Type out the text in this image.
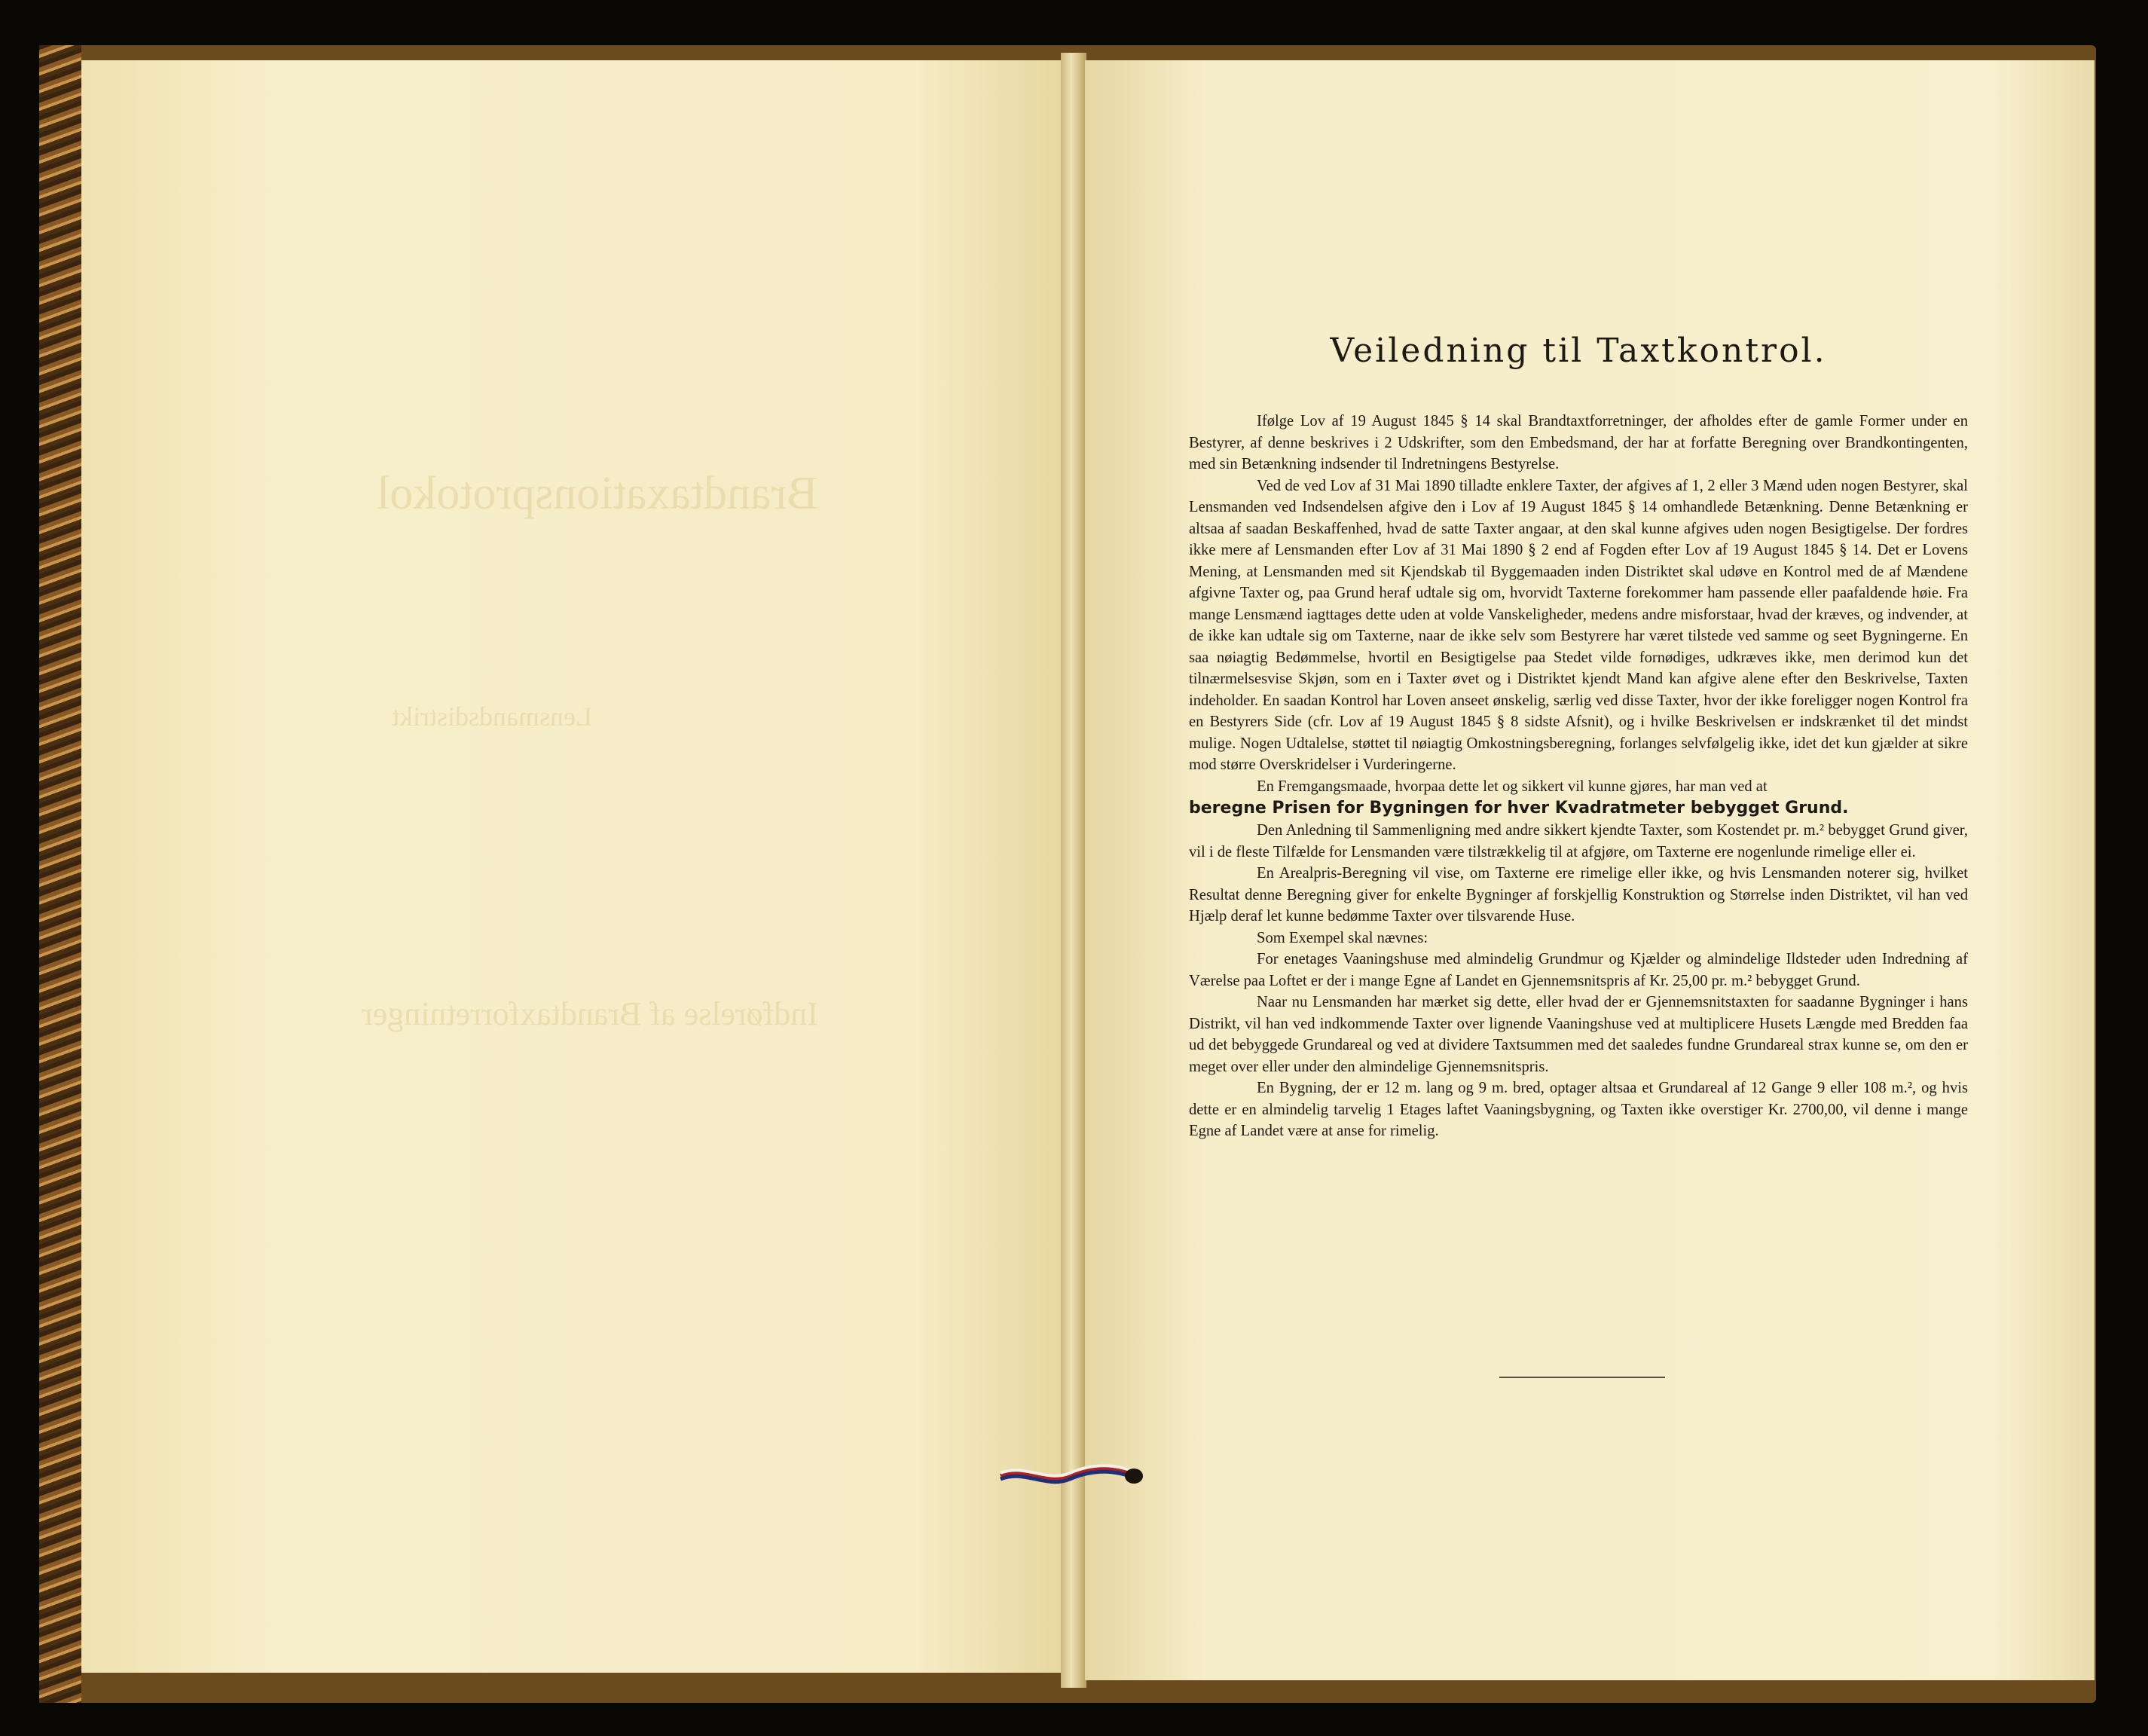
Brandtaxationsprotokol
Lensmandsdistrikt
Indførelse af Brandtaxforretninger
Veiledning til Taxtkontrol.

Ifølge Lov af 19 August 1845 § 14 skal Brandtaxtforretninger, der afholdes efter de gamle Former under en Bestyrer, af denne beskrives i 2 Udskrifter, som den Embedsmand, der har at forfatte Beregning over Brandkontingenten, med sin Betænkning indsender til Indretningens Bestyrelse.

Ved de ved Lov af 31 Mai 1890 tilladte enklere Taxter, der afgives af 1, 2 eller 3 Mænd uden nogen Bestyrer, skal Lensmanden ved Indsendelsen afgive den i Lov af 19 August 1845 § 14 omhandlede Betænkning. Denne Betænkning er altsaa af saadan Beskaffenhed, hvad de satte Taxter angaar, at den skal kunne afgives uden nogen Besigtigelse. Der fordres ikke mere af Lensmanden efter Lov af 31 Mai 1890 § 2 end af Fogden efter Lov af 19 August 1845 § 14. Det er Lovens Mening, at Lensmanden med sit Kjendskab til Byggemaaden inden Distriktet skal udøve en Kontrol med de af Mændene afgivne Taxter og, paa Grund heraf udtale sig om, hvorvidt Taxterne forekommer ham passende eller paafaldende høie. Fra mange Lensmænd iagttages dette uden at volde Vanskeligheder, medens andre misforstaar, hvad der kræves, og indvender, at de ikke kan udtale sig om Taxterne, naar de ikke selv som Bestyrere har været tilstede ved samme og seet Bygningerne. En saa nøiagtig Bedømmelse, hvortil en Besigtigelse paa Stedet vilde fornødiges, udkræves ikke, men derimod kun det tilnærmelsesvise Skjøn, som en i Taxter øvet og i Distriktet kjendt Mand kan afgive alene efter den Beskrivelse, Taxten indeholder. En saadan Kontrol har Loven anseet ønskelig, særlig ved disse Taxter, hvor der ikke foreligger nogen Kontrol fra en Bestyrers Side (cfr. Lov af 19 August 1845 § 8 sidste Afsnit), og i hvilke Beskrivelsen er indskrænket til det mindst mulige. Nogen Udtalelse, støttet til nøiagtig Omkostningsberegning, forlanges selvfølgelig ikke, idet det kun gjælder at sikre mod større Overskridelser i Vurderingerne.

En Fremgangsmaade, hvorpaa dette let og sikkert vil kunne gjøres, har man ved at

beregne Prisen for Bygningen for hver Kvadratmeter bebygget Grund.

Den Anledning til Sammenligning med andre sikkert kjendte Taxter, som Kostendet pr. m.² bebygget Grund giver, vil i de fleste Tilfælde for Lensmanden være tilstrækkelig til at afgjøre, om Taxterne ere nogenlunde rimelige eller ei.

En Arealpris-Beregning vil vise, om Taxterne ere rimelige eller ikke, og hvis Lensmanden noterer sig, hvilket Resultat denne Beregning giver for enkelte Bygninger af forskjellig Konstruktion og Størrelse inden Distriktet, vil han ved Hjælp deraf let kunne bedømme Taxter over tilsvarende Huse.

Som Exempel skal nævnes:

For enetages Vaaningshuse med almindelig Grundmur og Kjælder og almindelige Ildsteder uden Indredning af Værelse paa Loftet er der i mange Egne af Landet en Gjennemsnitspris af Kr. 25,00 pr. m.² bebygget Grund.

Naar nu Lensmanden har mærket sig dette, eller hvad der er Gjennemsnitstaxten for saadanne Bygninger i hans Distrikt, vil han ved indkommende Taxter over lignende Vaaningshuse ved at multiplicere Husets Længde med Bredden faa ud det bebyggede Grundareal og ved at dividere Taxtsummen med det saaledes fundne Grundareal strax kunne se, om den er meget over eller under den almindelige Gjennemsnitspris.

En Bygning, der er 12 m. lang og 9 m. bred, optager altsaa et Grundareal af 12 Gange 9 eller 108 m.², og hvis dette er en almindelig tarvelig 1 Etages laftet Vaaningsbygning, og Taxten ikke overstiger Kr. 2700,00, vil denne i mange Egne af Landet være at anse for rimelig.
